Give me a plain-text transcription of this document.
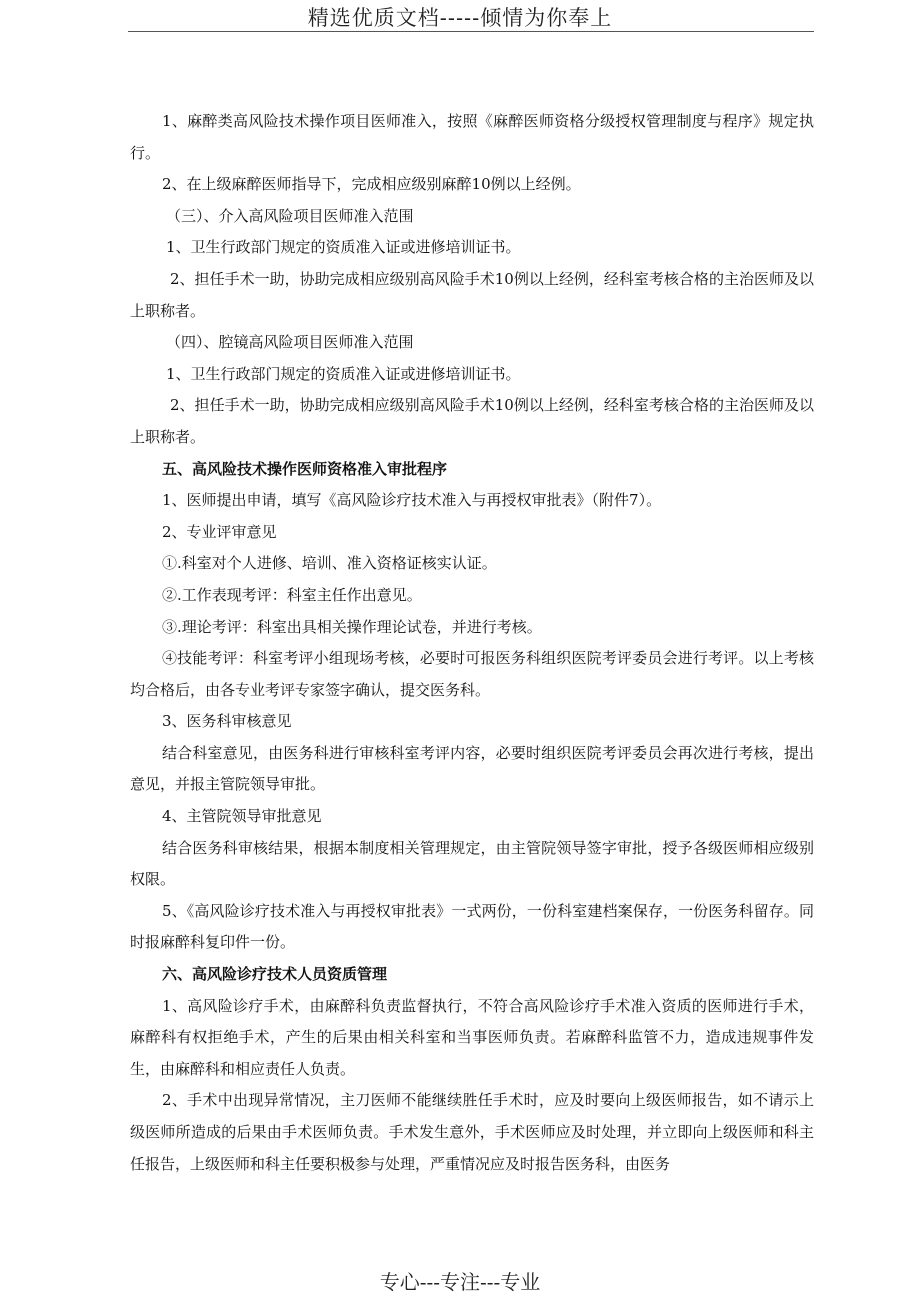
精选优质文档-----倾情为你奉上

1、麻醉类高风险技术操作项目医师准入，按照《麻醉医师资格分级授权管理制度与程序》规定执行。

2、在上级麻醉医师指导下，完成相应级别麻醉10例以上经例。

（三）、介入高风险项目医师准入范围

1、卫生行政部门规定的资质准入证或进修培训证书。

2、担任手术一助，协助完成相应级别高风险手术10例以上经例，经科室考核合格的主治医师及以上职称者。

（四）、腔镜高风险项目医师准入范围

1、卫生行政部门规定的资质准入证或进修培训证书。

2、担任手术一助，协助完成相应级别高风险手术10例以上经例，经科室考核合格的主治医师及以上职称者。

五、高风险技术操作医师资格准入审批程序

1、医师提出申请，填写《高风险诊疗技术准入与再授权审批表》（附件7）。

2、专业评审意见

①.科室对个人进修、培训、准入资格证核实认证。

②.工作表现考评：科室主任作出意见。

③.理论考评：科室出具相关操作理论试卷，并进行考核。

④技能考评：科室考评小组现场考核，必要时可报医务科组织医院考评委员会进行考评。以上考核均合格后，由各专业考评专家签字确认，提交医务科。

3、医务科审核意见

结合科室意见，由医务科进行审核科室考评内容，必要时组织医院考评委员会再次进行考核，提出意见，并报主管院领导审批。

4、主管院领导审批意见

结合医务科审核结果，根据本制度相关管理规定，由主管院领导签字审批，授予各级医师相应级别权限。

5、《高风险诊疗技术准入与再授权审批表》一式两份，一份科室建档案保存，一份医务科留存。同时报麻醉科复印件一份。

六、高风险诊疗技术人员资质管理

1、高风险诊疗手术，由麻醉科负责监督执行，不符合高风险诊疗手术准入资质的医师进行手术，麻醉科有权拒绝手术，产生的后果由相关科室和当事医师负责。若麻醉科监管不力，造成违规事件发生，由麻醉科和相应责任人负责。

2、手术中出现异常情况，主刀医师不能继续胜任手术时，应及时要向上级医师报告，如不请示上级医师所造成的后果由手术医师负责。手术发生意外，手术医师应及时处理，并立即向上级医师和科主任报告，上级医师和科主任要积极参与处理，严重情况应及时报告医务科，由医务

专心---专注---专业
